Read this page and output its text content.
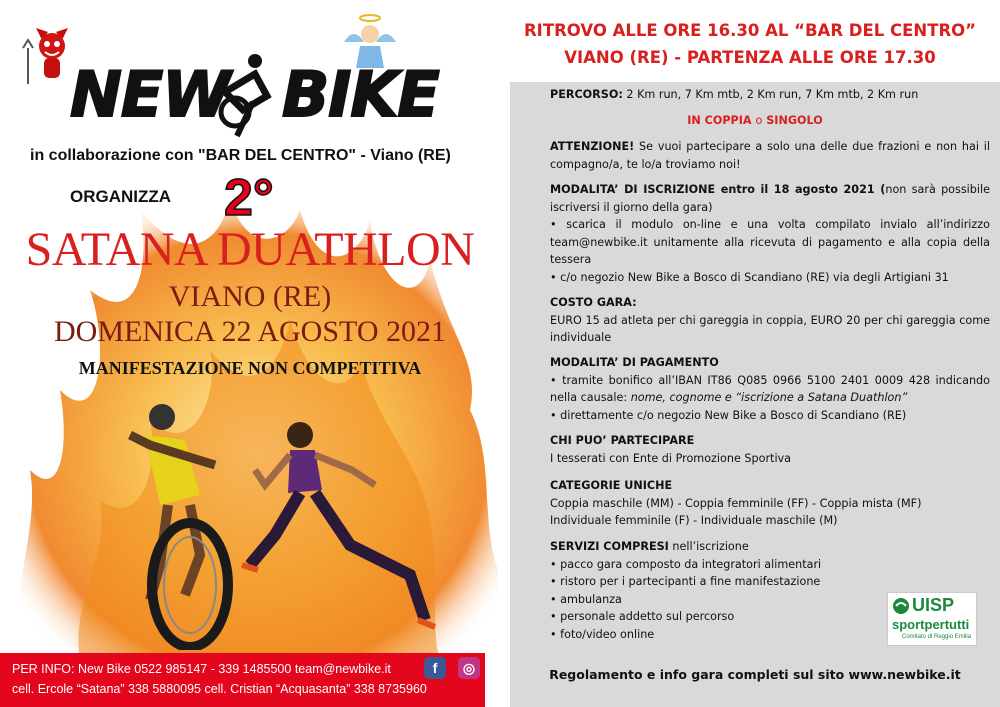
NEW BIKE
in collaborazione con "BAR DEL CENTRO" - Viano (RE)
ORGANIZZA 2°
SATANA DUATHLON
VIANO (RE)
DOMENICA 22 AGOSTO 2021
MANIFESTAZIONE NON COMPETITIVA
PER INFO: New Bike 0522 985147 - 339 1485500 team@newbike.it
cell. Ercole “Satana” 338 5880095 cell. Cristian “Acquasanta” 338 8735960
f	◎
RITROVO ALLE ORE 16.30 AL “BAR DEL CENTRO”
VIANO (RE) - PARTENZA ALLE ORE 17.30
PERCORSO: 2 Km run, 7 Km mtb, 2 Km run, 7 Km mtb, 2 Km run
IN COPPIA o SINGOLO
ATTENZIONE! Se vuoi partecipare a solo una delle due frazioni e non hai il compagno/a, te lo/a troviamo noi!
MODALITA’ DI ISCRIZIONE entro il 18 agosto 2021 (non sarà possibile iscriversi il giorno della gara)
• scarica il modulo on-line e una volta compilato invialo all’indirizzo team@newbike.it unitamente alla ricevuta di pagamento e alla copia della tessera
• c/o negozio New Bike a Bosco di Scandiano (RE) via degli Artigiani 31
COSTO GARA:
EURO 15 ad atleta per chi gareggia in coppia, EURO 20 per chi gareggia come individuale
MODALITA’ DI PAGAMENTO
• tramite bonifico all’IBAN IT86 Q085 0966 5100 2401 0009 428 indicando nella causale: nome, cognome e “iscrizione a Satana Duathlon”
• direttamente c/o negozio New Bike a Bosco di Scandiano (RE)
CHI PUO’ PARTECIPARE
I tesserati con Ente di Promozione Sportiva
CATEGORIE UNICHE
Coppia maschile (MM) - Coppia femminile (FF) - Coppia mista (MF)
Individuale femminile (F) - Individuale maschile (M)
SERVIZI COMPRESI nell’iscrizione
• pacco gara composto da integratori alimentari
• ristoro per i partecipanti a fine manifestazione
• ambulanza
• personale addetto sul percorso
• foto/video online
Regolamento e info gara completi sul sito www.newbike.it
UISP
sportpertutti
Comitato di Reggio Emilia
